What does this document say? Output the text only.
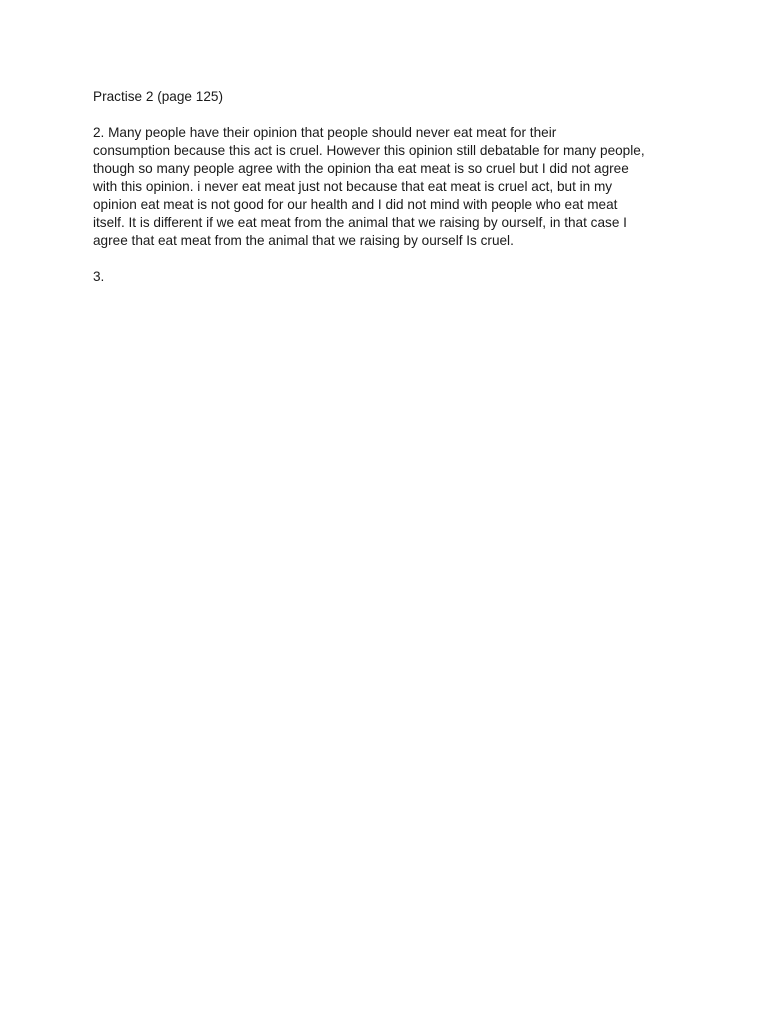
Practise 2 (page 125)

2. Many people have their opinion that people should never eat meat for their
consumption because this act is cruel. However this opinion still debatable for many people,
though so many people agree with the opinion tha eat meat is so cruel but I did not agree
with this opinion. i never eat meat just not because that eat meat is cruel act, but in my
opinion eat meat is not good for our health and I did not mind with people who eat meat
itself. It is different if we eat meat from the animal that we raising by ourself, in that case I
agree that eat meat from the animal that we raising by ourself Is cruel.

3.
